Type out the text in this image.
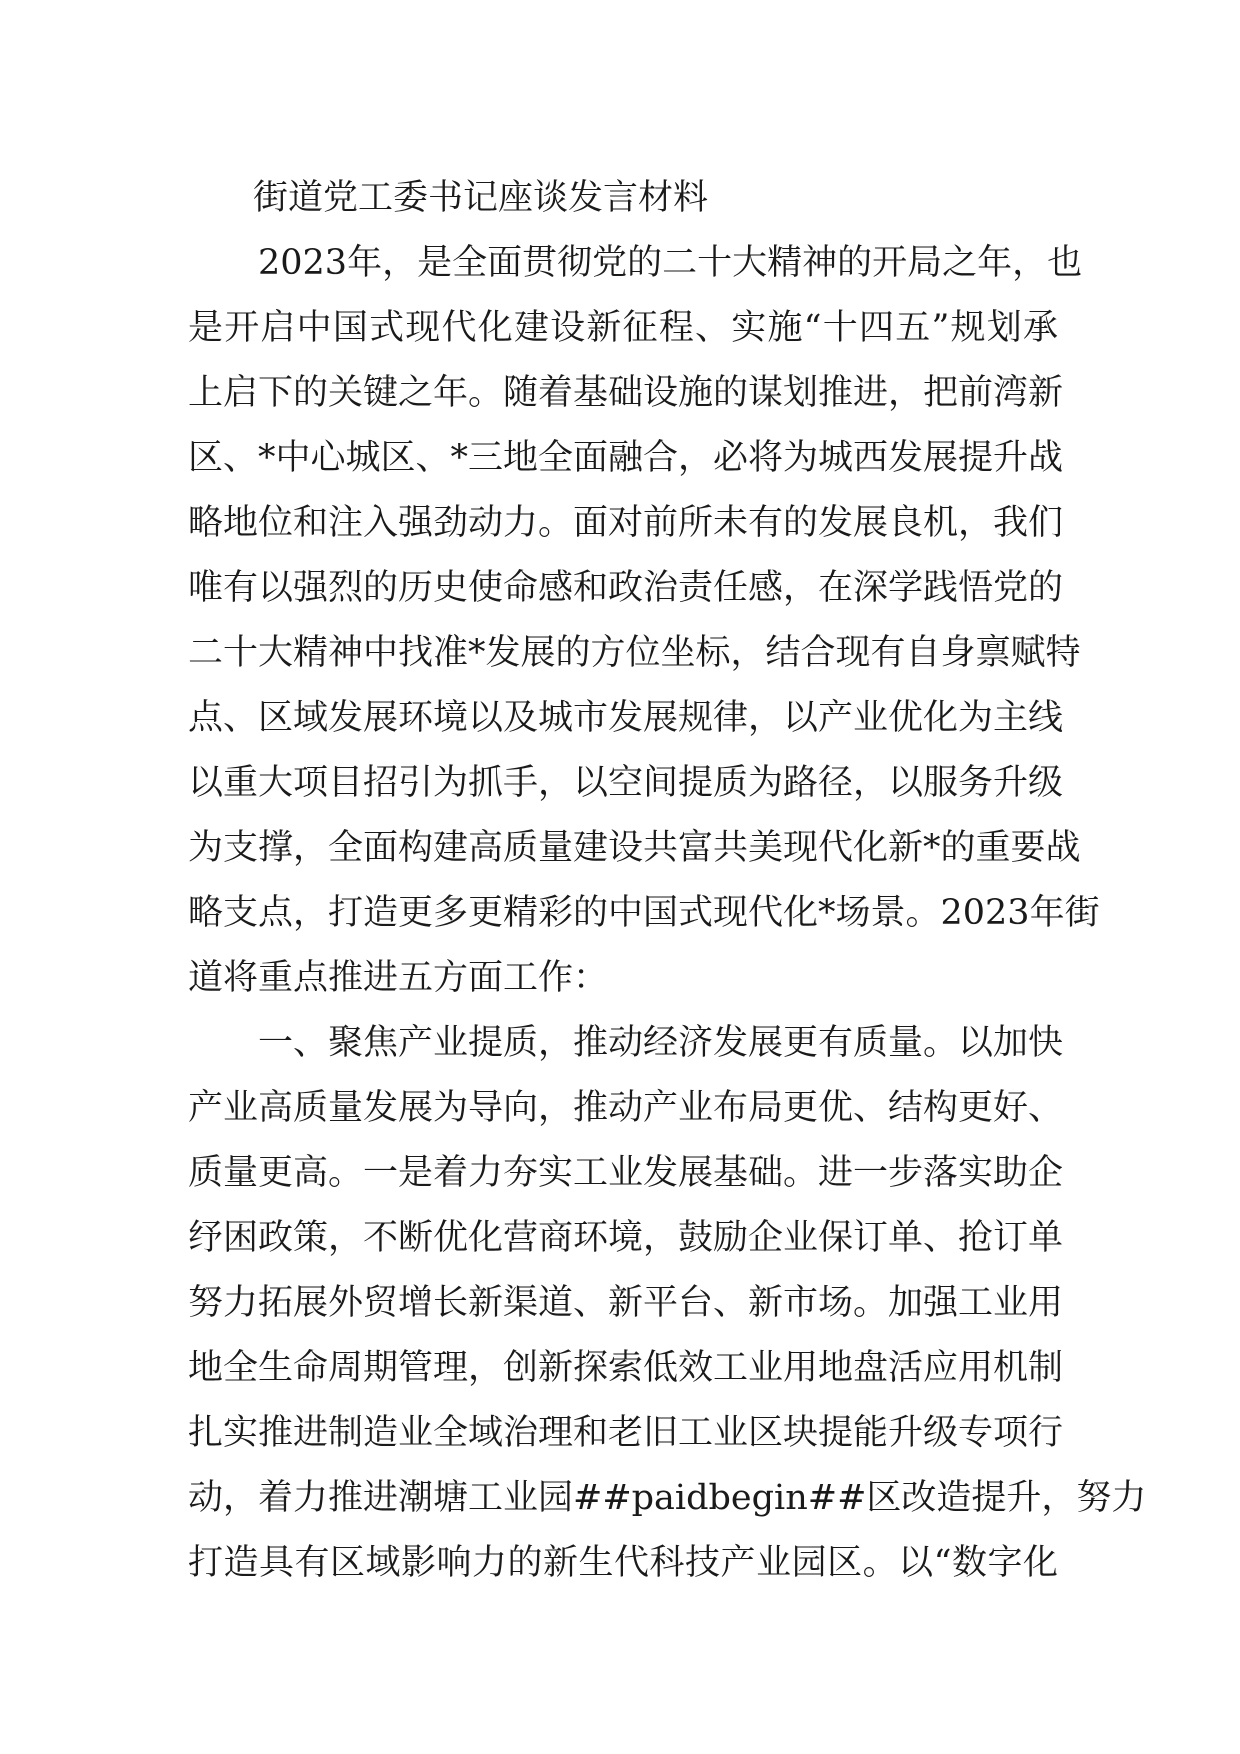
街道党工委书记座谈发言材料
2023年，是全面贯彻党的二十大精神的开局之年，也
是开启中国式现代化建设新征程、实施“十四五”规划承
上启下的关键之年。随着基础设施的谋划推进，把前湾新
区、*中心城区、*三地全面融合，必将为城西发展提升战
略地位和注入强劲动力。面对前所未有的发展良机，我们
唯有以强烈的历史使命感和政治责任感，在深学践悟党的
二十大精神中找准*发展的方位坐标，结合现有自身禀赋特
点、区域发展环境以及城市发展规律，以产业优化为主线
以重大项目招引为抓手，以空间提质为路径，以服务升级
为支撑，全面构建高质量建设共富共美现代化新*的重要战
略支点，打造更多更精彩的中国式现代化*场景。2023年街
道将重点推进五方面工作：
一、聚焦产业提质，推动经济发展更有质量。以加快
产业高质量发展为导向，推动产业布局更优、结构更好、
质量更高。一是着力夯实工业发展基础。进一步落实助企
纾困政策，不断优化营商环境，鼓励企业保订单、抢订单
努力拓展外贸增长新渠道、新平台、新市场。加强工业用
地全生命周期管理，创新探索低效工业用地盘活应用机制
扎实推进制造业全域治理和老旧工业区块提能升级专项行
动，着力推进潮塘工业园##paidbegin##区改造提升，努力
打造具有区域影响力的新生代科技产业园区。以“数字化
